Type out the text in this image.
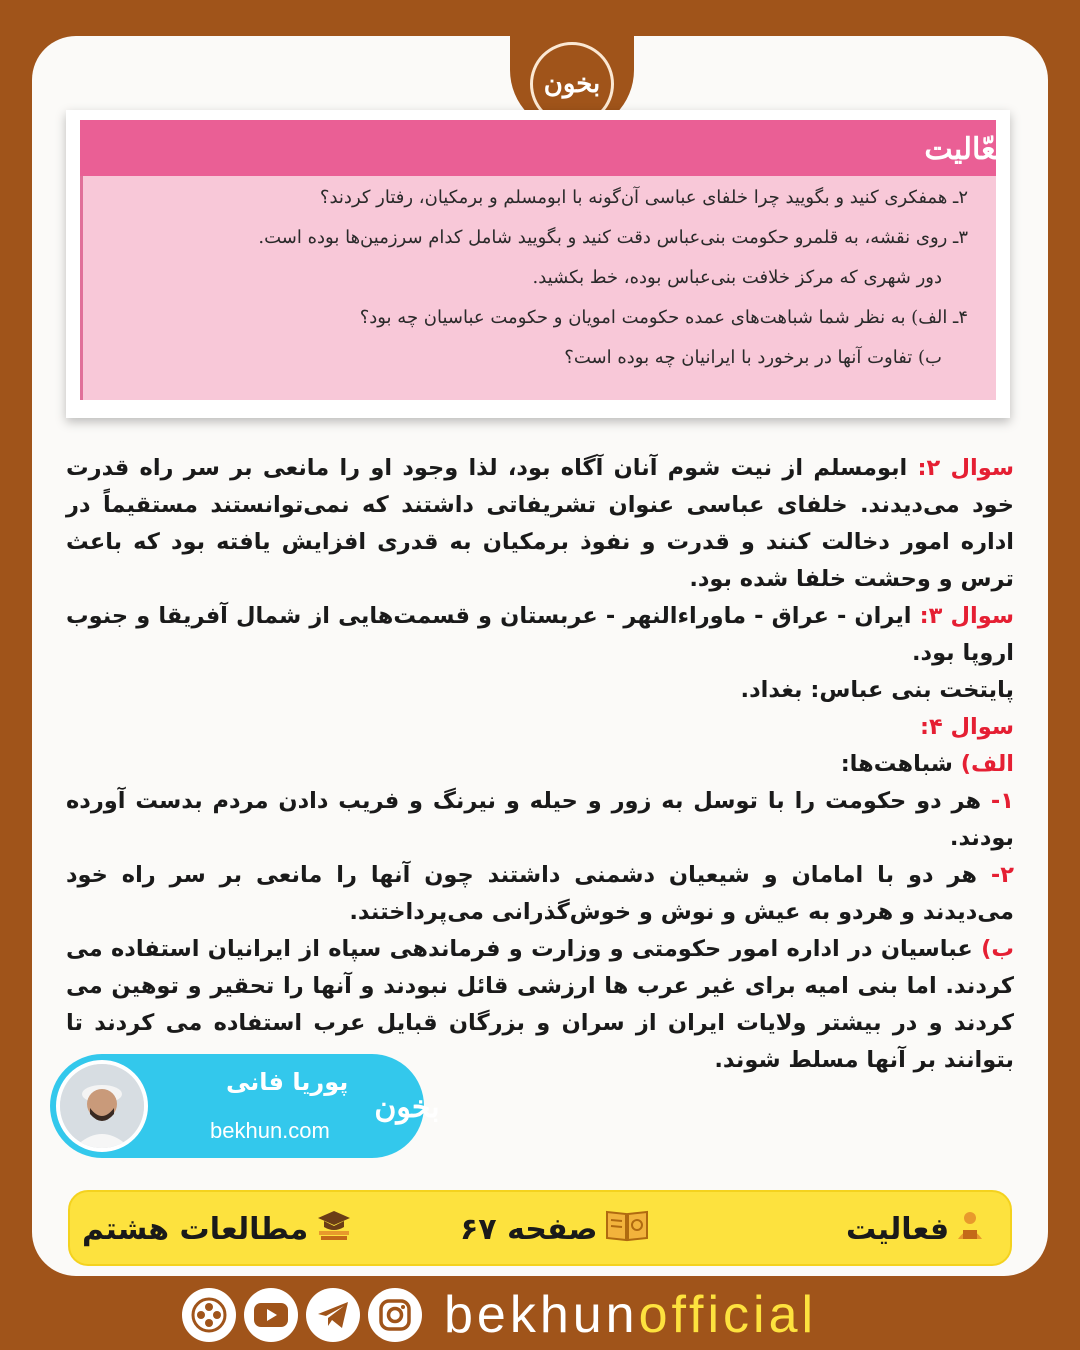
بخون
فعّالیت
۲ـ همفکری کنید و بگویید چرا خلفای عباسی آن‌گونه با ابومسلم و برمکیان، رفتار کردند؟
۳ـ روی نقشه، به قلمرو حکومت بنی‌عباس دقت کنید و بگویید شامل کدام سرزمین‌ها بوده است.
دور شهری که مرکز خلافت بنی‌عباس بوده، خط بکشید.
۴ـ الف) به نظر شما شباهت‌های عمده حکومت امویان و حکومت عباسیان چه بود؟
ب) تفاوت آنها در برخورد با ایرانیان چه بوده است؟

سوال ۲: ابومسلم از نیت شوم آنان آگاه بود، لذا وجود او را مانعی بر سر راه قدرت خود می‌دیدند. خلفای عباسی عنوان تشریفاتی داشتند که نمی‌توانستند مستقیماً در اداره امور دخالت کنند و قدرت و نفوذ برمکیان به قدری افزایش یافته بود که باعث ترس و وحشت خلفا شده بود.

سوال ۳: ایران - عراق - ماوراءالنهر - عربستان و قسمت‌هایی از شمال آفریقا و جنوب اروپا بود.

پایتخت بنی عباس: بغداد.

سوال ۴:

الف) شباهت‌ها:

۱- هر دو حکومت را با توسل به زور و حیله و نیرنگ و فریب دادن مردم بدست آورده بودند.

۲- هر دو با امامان و شیعیان دشمنی داشتند چون آنها را مانعی بر سر راه خود می‌دیدند و هردو به عیش و نوش و خوش‌گذرانی می‌پرداختند.

ب) عباسیان در اداره امور حکومتی و وزارت و فرماندهی سپاه از ایرانیان استفاده می کردند. اما بنی امیه برای غیر عرب ها ارزشی قائل نبودند و آنها را تحقیر و توهین می کردند و در بیشتر ولایات ایران از سران و بزرگان قبایل عرب استفاده می کردند تا بتوانند بر آنها مسلط شوند.

پوریا فانی
bekhun.com
بخون
فعالیت
صفحه ۶۷
مطالعات هشتم
bekhunofficial
